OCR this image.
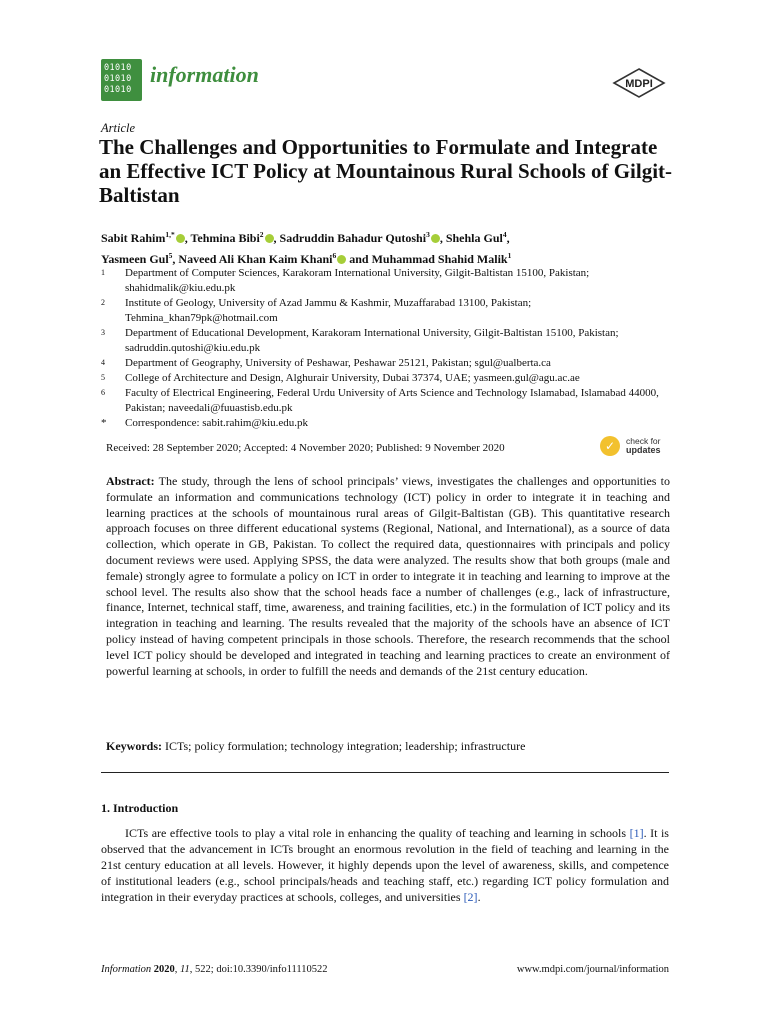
01010
01010
01010
information	MDPI
Article
The Challenges and Opportunities to Formulate and Integrate an Effective ICT Policy at Mountainous Rural Schools of Gilgit-Baltistan
Sabit Rahim$^{1,*}$ , Tehmina Bibi$^2$ , Sadruddin Bahadur Qutoshi$^3$ , Shehla Gul$^4$,
Yasmeen Gul$^5$, Naveed Ali Khan Kaim Khani$^6$ and Muhammad Shahid Malik$^1$
1 Department of Computer Sciences, Karakoram International University, Gilgit-Baltistan 15100, Pakistan; shahidmalik@kiu.edu.pk
2 Institute of Geology, University of Azad Jammu & Kashmir, Muzaffarabad 13100, Pakistan; Tehmina_khan79pk@hotmail.com
3 Department of Educational Development, Karakoram International University, Gilgit-Baltistan 15100, Pakistan; sadruddin.qutoshi@kiu.edu.pk
4 Department of Geography, University of Peshawar, Peshawar 25121, Pakistan; sgul@ualberta.ca
5 College of Architecture and Design, Alghurair University, Dubai 37374, UAE; yasmeen.gul@agu.ac.ae
6 Faculty of Electrical Engineering, Federal Urdu University of Arts Science and Technology Islamabad, Islamabad 44000, Pakistan; naveedali@fuuastisb.edu.pk
* Correspondence: sabit.rahim@kiu.edu.pk
Received: 28 September 2020; Accepted: 4 November 2020; Published: 9 November 2020	✓	check for
updates
Abstract: The study, through the lens of school principals’ views, investigates the challenges and opportunities to formulate an information and communications technology (ICT) policy in order to integrate it in teaching and learning practices at the schools of mountainous rural areas of Gilgit-Baltistan (GB). This quantitative research approach focuses on three different educational systems (Regional, National, and International), as a source of data collection, which operate in GB, Pakistan. To collect the required data, questionnaires with principals and policy document reviews were used. Applying SPSS, the data were analyzed. The results show that both groups (male and female) strongly agree to formulate a policy on ICT in order to integrate it in teaching and learning to improve at the school level. The results also show that the school heads face a number of challenges (e.g., lack of infrastructure, finance, Internet, technical staff, time, awareness, and training facilities, etc.) in the formulation of ICT policy and its integration in teaching and learning. The results revealed that the majority of the schools have an absence of ICT policy instead of having competent principals in those schools. Therefore, the research recommends that the school level ICT policy should be developed and integrated in teaching and learning practices to create an environment of powerful learning at schools, in order to fulfill the needs and demands of the 21st century education.
Keywords: ICTs; policy formulation; technology integration; leadership; infrastructure
1. Introduction
ICTs are effective tools to play a vital role in enhancing the quality of teaching and learning in schools [1]. It is observed that the advancement in ICTs brought an enormous revolution in the field of teaching and learning in the 21st century education at all levels. However, it highly depends upon the level of awareness, skills, and competence of institutional leaders (e.g., school principals/heads and teaching staff, etc.) regarding ICT policy formulation and integration in their everyday practices at schools, colleges, and universities [2].
Information 2020, 11, 522; doi:10.3390/info11110522	www.mdpi.com/journal/information
